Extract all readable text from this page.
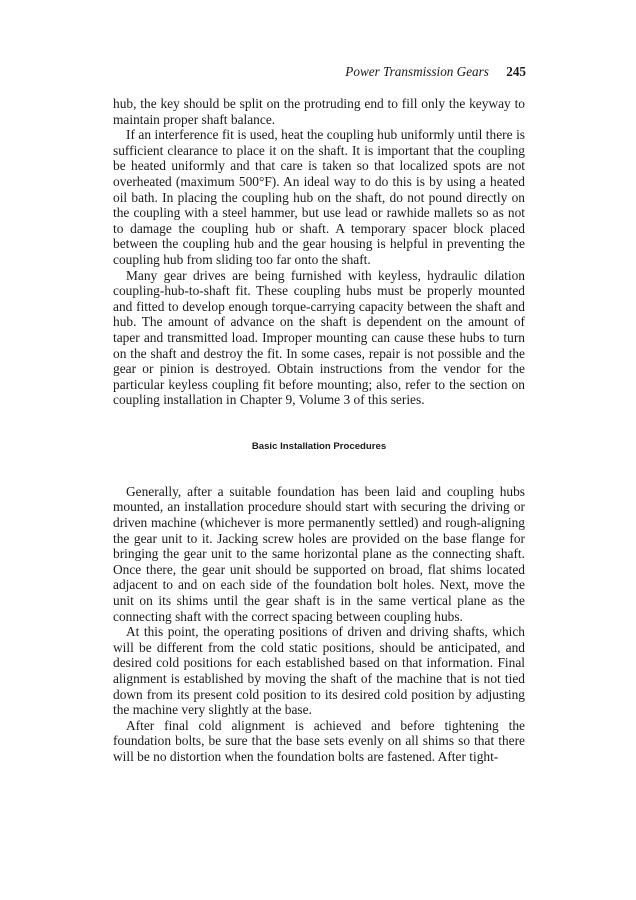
Power Transmission Gears 245

hub, the key should be split on the protruding end to fill only the keyway to maintain proper shaft balance.

If an interference fit is used, heat the coupling hub uniformly until there is sufficient clearance to place it on the shaft. It is important that the coupling be heated uniformly and that care is taken so that localized spots are not overheated (maximum 500°F). An ideal way to do this is by using a heated oil bath. In placing the coupling hub on the shaft, do not pound directly on the coupling with a steel hammer, but use lead or rawhide mallets so as not to damage the coupling hub or shaft. A temporary spacer block placed between the coupling hub and the gear housing is helpful in preventing the coupling hub from sliding too far onto the shaft.

Many gear drives are being furnished with keyless, hydraulic dilation coupling-hub-to-shaft fit. These coupling hubs must be properly mounted and fitted to develop enough torque-carrying capacity between the shaft and hub. The amount of advance on the shaft is dependent on the amount of taper and transmitted load. Improper mounting can cause these hubs to turn on the shaft and destroy the fit. In some cases, repair is not possible and the gear or pinion is destroyed. Obtain instructions from the vendor for the particular keyless coupling fit before mounting; also, refer to the section on coupling installation in Chapter 9, Volume 3 of this series.

Basic Installation Procedures

Generally, after a suitable foundation has been laid and coupling hubs mounted, an installation procedure should start with securing the driving or driven machine (whichever is more permanently settled) and rough-aligning the gear unit to it. Jacking screw holes are provided on the base flange for bringing the gear unit to the same horizontal plane as the connecting shaft. Once there, the gear unit should be supported on broad, flat shims located adjacent to and on each side of the foundation bolt holes. Next, move the unit on its shims until the gear shaft is in the same vertical plane as the connecting shaft with the correct spacing between coupling hubs.

At this point, the operating positions of driven and driving shafts, which will be different from the cold static positions, should be anticipated, and desired cold positions for each established based on that information. Final alignment is established by moving the shaft of the machine that is not tied down from its present cold position to its desired cold position by adjusting the machine very slightly at the base.

After final cold alignment is achieved and before tightening the foundation bolts, be sure that the base sets evenly on all shims so that there will be no distortion when the foundation bolts are fastened. After tight-
